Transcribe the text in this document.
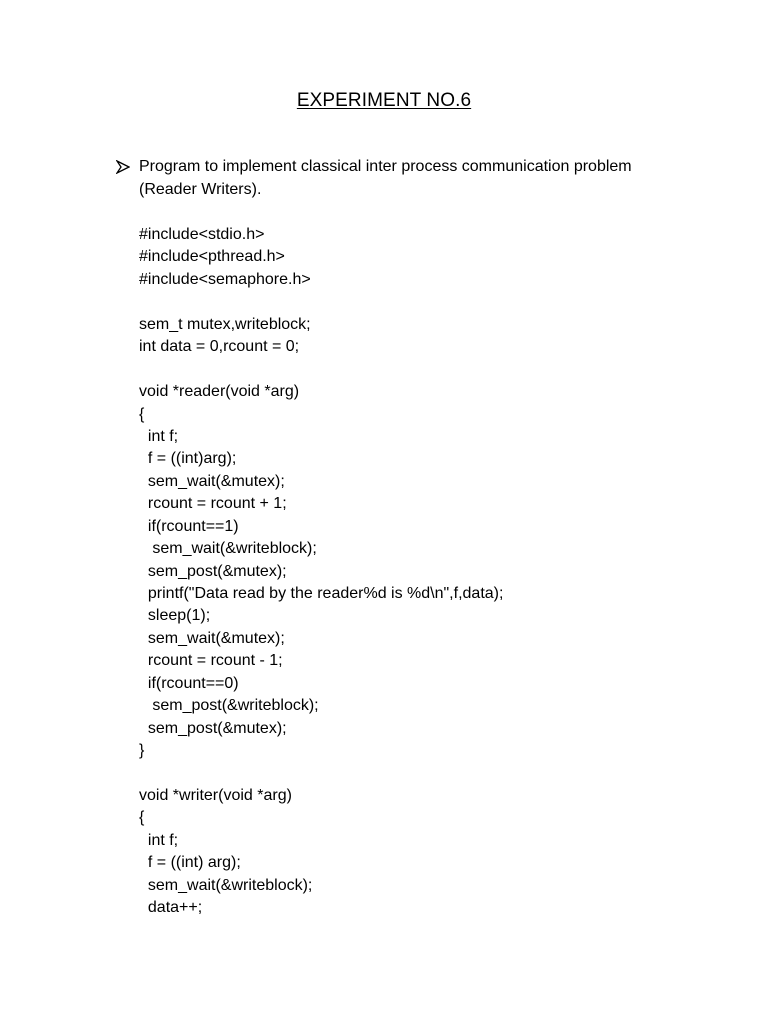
EXPERIMENT NO.6
Program to implement classical inter process communication problem
(Reader Writers).
#include<stdio.h>
#include<pthread.h>
#include<semaphore.h>
sem_t mutex,writeblock;
int data = 0,rcount = 0;
void *reader(void *arg)
{
int f;
f = ((int)arg);
sem_wait(&mutex);
rcount = rcount + 1;
if(rcount==1)
sem_wait(&writeblock);
sem_post(&mutex);
printf("Data read by the reader%d is %d\n",f,data);
sleep(1);
sem_wait(&mutex);
rcount = rcount - 1;
if(rcount==0)
sem_post(&writeblock);
sem_post(&mutex);
}
void *writer(void *arg)
{
int f;
f = ((int) arg);
sem_wait(&writeblock);
data++;
